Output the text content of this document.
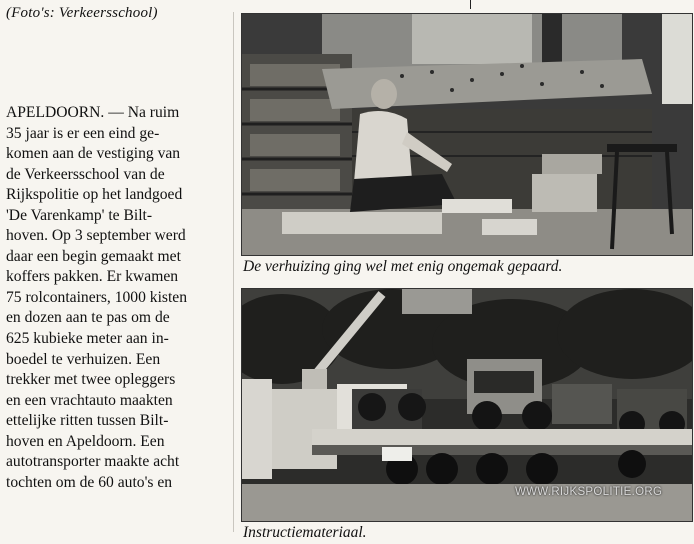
(Foto's: Verkeersschool)
APELDOORN. — Na ruim
35 jaar is er een eind ge-
komen aan de vestiging van
de Verkeersschool van de
Rijkspolitie op het landgoed
'De Varenkamp' te Bilt-
hoven. Op 3 september werd
daar een begin gemaakt met
koffers pakken. Er kwamen
75 rolcontainers, 1000 kisten
en dozen aan te pas om de
625 kubieke meter aan in-
boedel te verhuizen. Een
trekker met twee opleggers
en een vrachtauto maakten
ettelijke ritten tussen Bilt-
hoven en Apeldoorn. Een
autotransporter maakte acht
tochten om de 60 auto's en
De verhuizing ging wel met enig ongemak gepaard.
WWW.RIJKSPOLITIE.ORG
Instructiemateriaal.
